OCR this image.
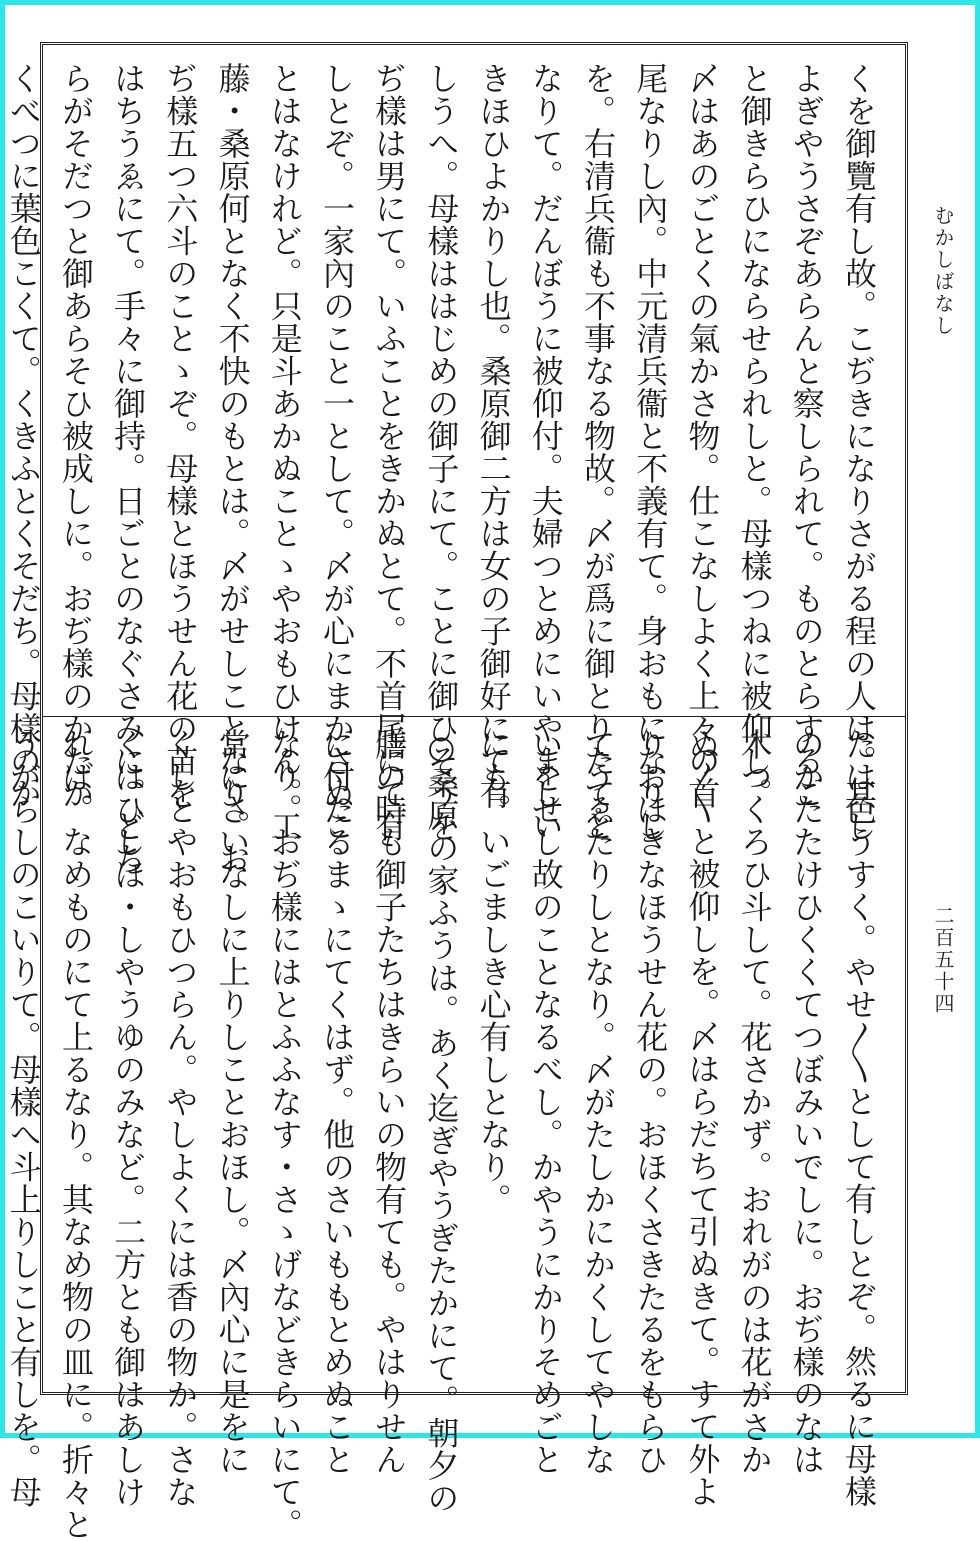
むかしばなし
二百五十四
くを御覽有し故。こぢきになりさがる程の人は。其し
よぎやうさぞあらんと察しられて。ものとらするこ
と御きらひにならせられしと。母樣つねに被仰し。
〆はあのごとくの氣かさ物。仕こなしよく上々の首
尾なりし內。中元清兵衞と不義有て。身おもになりし
を。右清兵衞も不事なる物故。〆が爲に御とりたてと
なりて。だんぼうに被仰付。夫婦つとめにいやましい
きほひよかりし也。桑原御二方は女の子御好にて有
しうへ。母樣ははじめの御子にて。ことに御ひそうを
ぢ樣は男にて。いふことをきかぬとて。不首尾にて有
しとぞ。一家內のこと一として。〆が心にまかさぬこ
とはなけれど。只是斗あかぬことゝやおもひけん。工
藤・桑原何となく不快のもとは。〆がせしことなり。お
ぢ樣五つ六斗のことゝぞ。母樣とほうせん花の苗を
はちうゑにて。手々に御持。日ごとのなぐさみに。どち
らがそだつと御あらそひ被成しに。おぢ樣のかたか
くべつに葉色こくて。くきふとくそだち。母樣のか
たは色うすく。やせ〳〵として有しとぞ。然るに母樣
のかたたけひくくてつぼみいでしに。おぢ樣のなは
木つくろひ斗して。花さかず。おれがのは花がさか
ぬ〳〵と被仰しを。〆はらだちて引ぬきて。すて外よ
りおほきなほうせん花の。おほくさきたるをもらひ
てうゑたりしとなり。〆がたしかにかくしてやしな
いをせし故のことなるべし。かやうにかりそめごと
にも。いごましき心有しとなり。
○桑原の家ふうは。あく迄ぎやうぎたかにて。朝夕の
膳の時も御子たちはきらいの物有ても。やはりせん
に付たるまゝにてくはず。他のさいももとめぬこと
なり。おぢ樣にはとふふなす・さゝげなどきらいにて。
常にさいなしに上りしことおほし。〆內心に是をに
くしとやおもひつらん。やしよくには香の物か。さな
くはひしほ・しやうゆのみなど。二方とも御はあしけ
れば。なめものにて上るなり。其なめ物の皿に。折々と
うがらしのこいりて。母樣へ斗上りしこと有しを。母
